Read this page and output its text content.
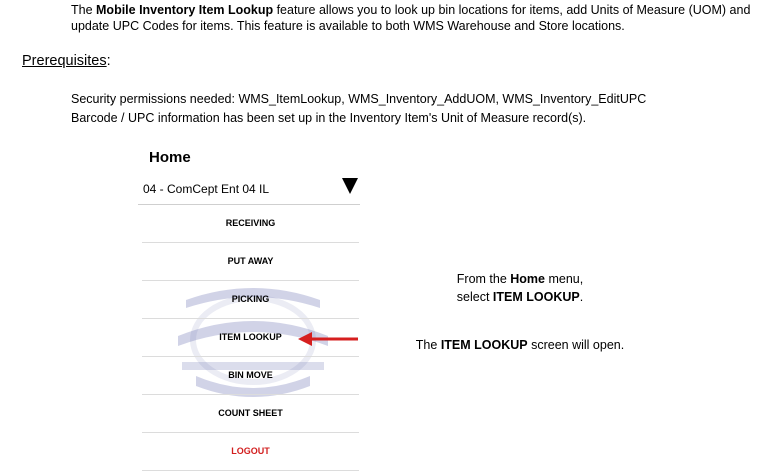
The Mobile Inventory Item Lookup feature allows you to look up bin locations for items, add Units of Measure (UOM) and update UPC Codes for items. This feature is available to both WMS Warehouse and Store locations.
Prerequisites:
Security permissions needed: WMS_ItemLookup, WMS_Inventory_AddUOM, WMS_Inventory_EditUPC
Barcode / UPC information has been set up in the Inventory Item's Unit of Measure record(s).
Home
04 - ComCept Ent 04 IL
RECEIVING
PUT AWAY
PICKING
ITEM LOOKUP
BIN MOVE
COUNT SHEET
LOGOUT
From the Home menu,
select ITEM LOOKUP.
The ITEM LOOKUP screen will open.
